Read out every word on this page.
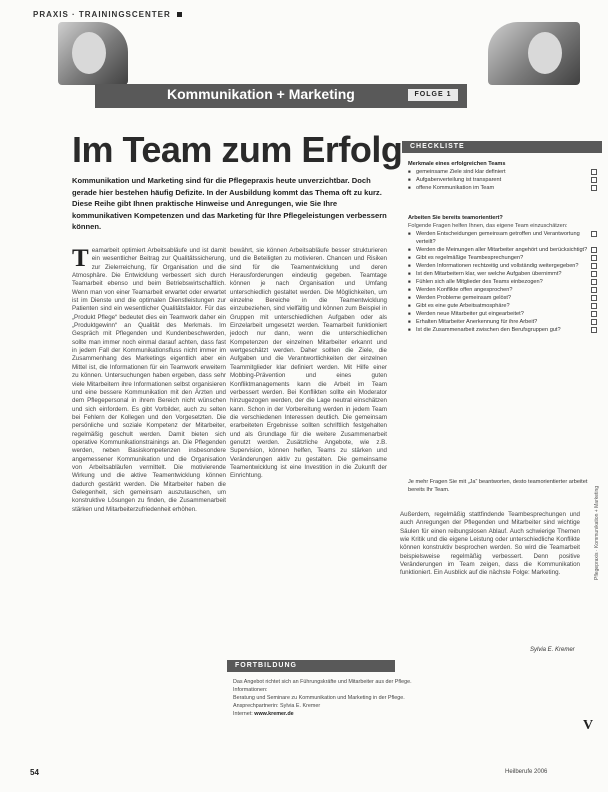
PRAXIS · TRAININGSCENTER
Kommunikation + Marketing	FOLGE 1
Im Team zum Erfolg
Kommunikation und Marketing sind für die Pflegepraxis heute unverzichtbar. Doch gerade hier bestehen häufig Defizite. In der Ausbildung kommt das Thema oft zu kurz. Diese Reihe gibt Ihnen praktische Hinweise und Anregungen, wie Sie Ihre kommunikativen Kompetenzen und das Marketing für Ihre Pflegeleistungen verbessern können.
Teamarbeit optimiert Arbeitsabläufe und ist damit ein wesentlicher Beitrag zur Qualitätssicherung, zur Zielerreichung, für Organisation und die Atmosphäre. Die Entwicklung verbessert sich durch Teamarbeit ebenso und beim Betriebswirtschaftlich. Wenn man von einer Teamarbeit erwartet oder erwartet ist im Dienste und die optimalen Dienstleistungen zur Patienten sind ein wesentlicher Qualitätsfaktor. Für das „Produkt Pflege“ bedeutet dies ein Teamwork daher ein „Produktgewinn“ an Qualität des Merkmals. Im Gespräch mit Pflegenden und Kundenbeschwerden, sollte man immer noch einmal darauf achten, dass fast in jedem Fall der Kommunikationsfluss nicht immer im Zusammenhang des Marketings eigentlich aber ein Mittel ist, die Informationen für ein Teamwork erweitern zu können. Untersuchungen haben ergeben, dass sehr viele Mitarbeitern ihre Informationen selbst organisieren und eine bessere Kommunikation mit den Ärzten und dem Pflegepersonal in ihrem Bereich nicht wünschen und sich einfordern. Es gibt Vorbilder, auch zu selten bei Fehlern der Kollegen und den Vorgesetzten. Die persönliche und soziale Kompetenz der Mitarbeiter, regelmäßig geschult werden. Damit bieten sich operative Kommunikationstrainings an. Die Pflegenden werden, neben Basiskompetenzen insbesondere angemessener Kommunikation und die Organisation von Arbeitsabläufen vermittelt. Die motivierende Wirkung und die aktive Teamentwicklung können dadurch gestärkt werden. Die Mitarbeiter haben die Gelegenheit, sich gemeinsam auszutauschen, um konstruktive Lösungen zu finden, die Zusammenarbeit stärken und Mitarbeiterzufriedenheit erhöhen.
bewährt, sie können Arbeitsabläufe besser strukturieren und die Beteiligten zu motivieren. Chancen und Risiken sind für die Teamentwicklung und deren Herausforderungen eindeutig gegeben. Teamtage können je nach Organisation und Umfang unterschiedlich gestaltet werden. Die Möglichkeiten, um einzelne Bereiche in die Teamentwicklung einzubeziehen, sind vielfältig und können zum Beispiel in Gruppen mit unterschiedlichen Aufgaben oder als Einzelarbeit umgesetzt werden. Teamarbeit funktioniert jedoch nur dann, wenn die unterschiedlichen Kompetenzen der einzelnen Mitarbeiter erkannt und wertgeschätzt werden. Daher sollten die Ziele, die Aufgaben und die Verantwortlichkeiten der einzelnen Teammitglieder klar definiert werden. Mit Hilfe einer Mobbing-Prävention und eines guten Konfliktmanagements kann die Arbeit im Team verbessert werden. Bei Konflikten sollte ein Moderator hinzugezogen werden, der die Lage neutral einschätzen kann. Schon in der Vorbereitung werden in jedem Team die verschiedenen Interessen deutlich. Die gemeinsam erarbeiteten Ergebnisse sollten schriftlich festgehalten und als Grundlage für die weitere Zusammenarbeit genutzt werden. Zusätzliche Angebote, wie z.B. Supervision, können helfen, Teams zu stärken und Veränderungen aktiv zu gestalten. Die gemeinsame Teamentwicklung ist eine Investition in die Zukunft der Einrichtung.
CHECKLISTE
Merkmale eines erfolgreichen Teams
■ gemeinsame Ziele sind klar definiert
■ Aufgabenverteilung ist transparent
■ offene Kommunikation im Team
Arbeiten Sie bereits teamorientiert?
Folgende Fragen helfen Ihnen, das eigene Team einzuschätzen:
■ Werden Entscheidungen gemeinsam getroffen und Verantwortung verteilt?
■ Werden die Meinungen aller Mitarbeiter angehört und berücksichtigt?
■ Gibt es regelmäßige Teambesprechungen?
■ Werden Informationen rechtzeitig und vollständig weitergegeben?
■ Ist den Mitarbeitern klar, wer welche Aufgaben übernimmt?
■ Fühlen sich alle Mitglieder des Teams einbezogen?
■ Werden Konflikte offen angesprochen?
■ Werden Probleme gemeinsam gelöst?
■ Gibt es eine gute Arbeitsatmosphäre?
■ Werden neue Mitarbeiter gut eingearbeitet?
■ Erhalten Mitarbeiter Anerkennung für ihre Arbeit?
■ Ist die Zusammenarbeit zwischen den Berufsgruppen gut?
Je mehr Fragen Sie mit „Ja“ beantworten, desto teamorientierter arbeitet bereits Ihr Team.
Außerdem, regelmäßig stattfindende Teambesprechungen und auch Anregungen der Pflegenden und Mitarbeiter sind wichtige Säulen für einen reibungslosen Ablauf. Auch schwierige Themen wie Kritik und die eigene Leistung oder unterschiedliche Konflikte können konstruktiv besprochen werden. So wird die Teamarbeit beispielsweise regelmäßig verbessert. Denn positive Veränderungen im Team zeigen, dass die Kommunikation funktioniert. Ein Ausblick auf die nächste Folge: Marketing.
Sylvia E. Kremer
FORTBILDUNG
Das Angebot richtet sich an Führungskräfte und Mitarbeiter aus der Pflege.
Informationen:
Beratung und Seminare zu Kommunikation und Marketing in der Pflege.
Ansprechpartnerin: Sylvia E. Kremer
Internet: www.kremer.de
Pflegepraxis · Kommunikation + Marketing
V
54	Heilberufe 2006
